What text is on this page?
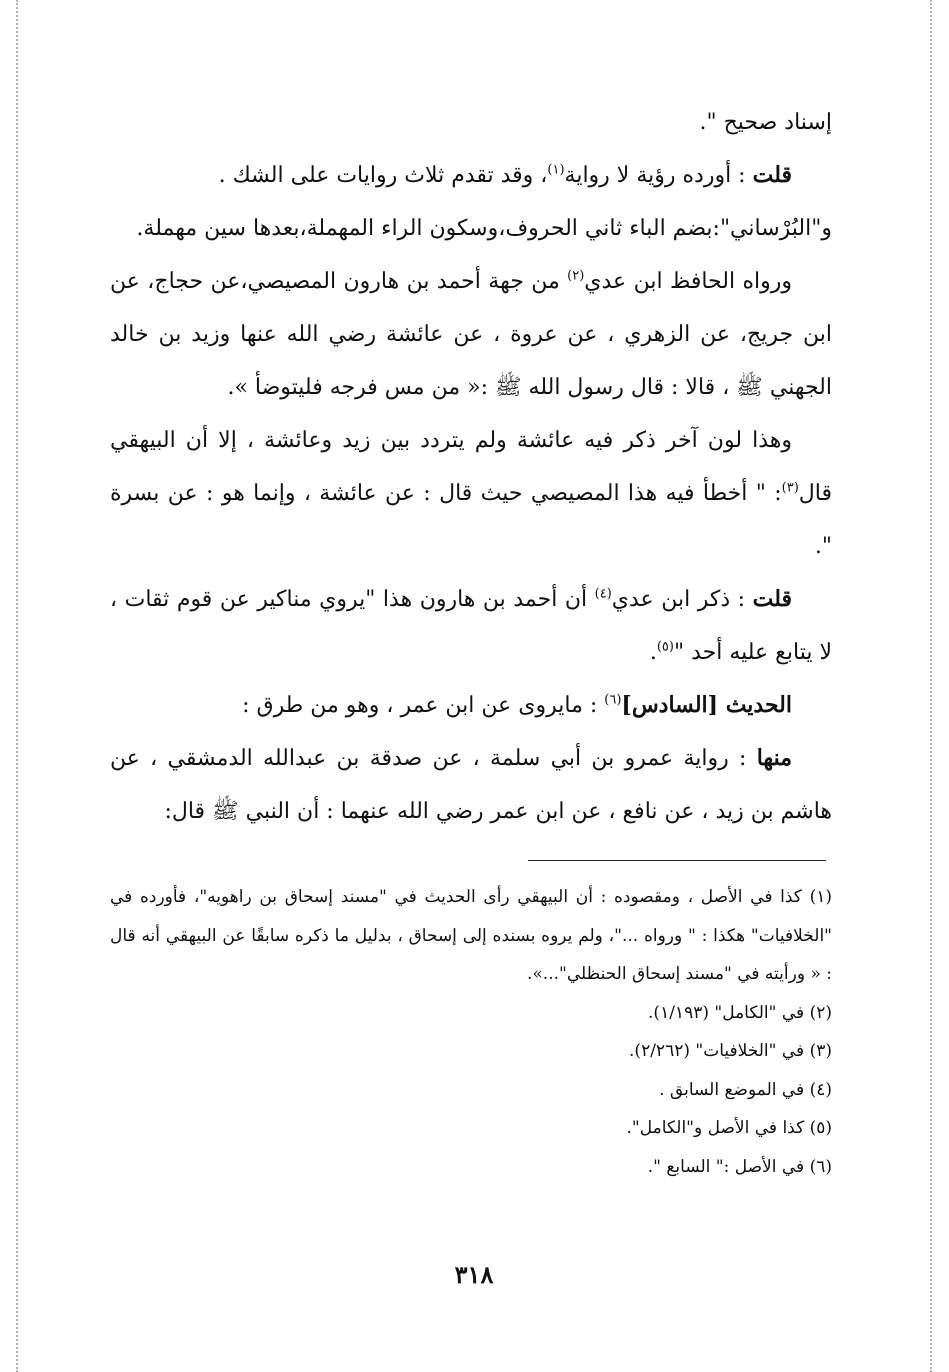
إسناد صحيح ".

قلت : أورده رؤية لا رواية$^{(١)}$، وقد تقدم ثلاث روايات على الشك .

و"البُرْساني":بضم الباء ثاني الحروف،وسكون الراء المهملة،بعدها سين مهملة.

ورواه الحافظ ابن عدي$^{(٢)}$ من جهة أحمد بن هارون المصيصي،عن حجاج، عن ابن جريج، عن الزهري ، عن عروة ، عن عائشة رضي الله عنها وزيد بن خالد الجهني ﷺ ، قالا : قال رسول الله ﷺ :« من مس فرجه فليتوضأ ».

وهذا لون آخر ذكر فيه عائشة ولم يتردد بين زيد وعائشة ، إلا أن البيهقي قال$^{(٣)}$: " أخطأ فيه هذا المصيصي حيث قال : عن عائشة ، وإنما هو : عن بسرة ".

قلت : ذكر ابن عدي$^{(٤)}$ أن أحمد بن هارون هذا "يروي مناكير عن قوم ثقات ، لا يتابع عليه أحد "$^{(٥)}$.

الحديث [السادس]$^{(٦)}$ : مايروى عن ابن عمر ، وهو من طرق :

منها : رواية عمرو بن أبي سلمة ، عن صدقة بن عبدالله الدمشقي ، عن هاشم بن زيد ، عن نافع ، عن ابن عمر رضي الله عنهما : أن النبي ﷺ قال:

(١) كذا في الأصل ، ومقصوده : أن البيهقي رأى الحديث في "مسند إسحاق بن راهويه"، فأورده في "الخلافيات" هكذا : " ورواه ..."، ولم يروه بسنده إلى إسحاق ، بدليل ما ذكره سابقًا عن البيهقي أنه قال : « ورأيته في "مسند إسحاق الحنظلي"...».
(٢) في "الكامل" (١/١٩٣).
(٣) في "الخلافيات" (٢/٢٦٢).
(٤) في الموضع السابق .
(٥) كذا في الأصل و"الكامل".
(٦) في الأصل :" السابع ".
٣١٨
